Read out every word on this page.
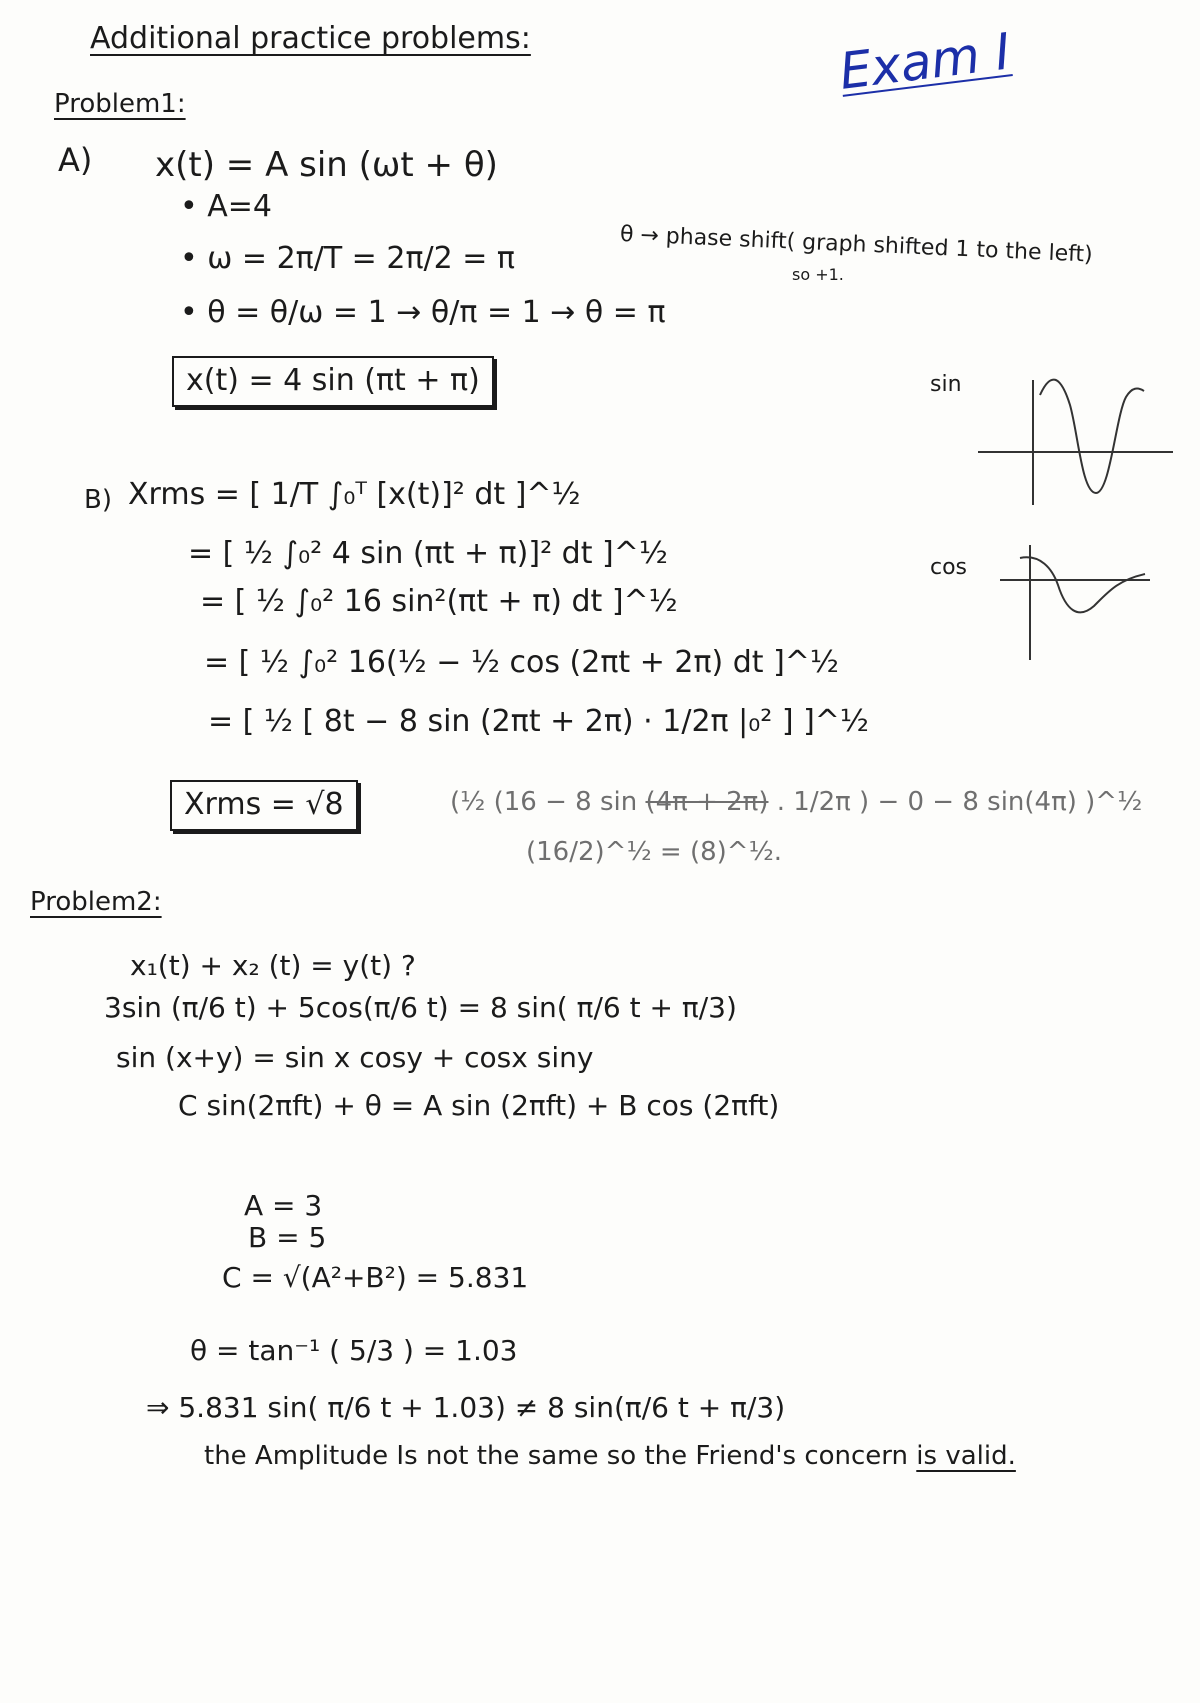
Additional practice problems:	Exam I
Problem1:
A) x(t) = A sin (ωt + θ)
• A=4
• ω = 2π/T = 2π/2 = π
• θ = θ/ω = 1 → θ/π = 1 → θ = π
x(t) = 4 sin (πt + π)
θ → phase shift( graph shifted 1 to the left)
so +1.
sin
cos
B) Xrms = [ 1/T ∫₀ᵀ [x(t)]² dt ]^½
= [ ½ ∫₀² 4 sin (πt + π)]² dt ]^½
= [ ½ ∫₀² 16 sin²(πt + π) dt ]^½
= [ ½ ∫₀² 16(½ − ½ cos (2πt + 2π) dt ]^½
= [ ½ [ 8t − 8 sin (2πt + 2π) · 1/2π |₀² ] ]^½
Xrms = √8	(½ (16 − 8 sin (4π + 2π) . 1/2π ) − 0 − 8 sin(4π) )^½
(16/2)^½ = (8)^½.
Problem2:
x₁(t) + x₂ (t) = y(t) ?
3sin (π/6 t) + 5cos(π/6 t) = 8 sin( π/6 t + π/3)
sin (x+y) = sin x cosy + cosx siny
C sin(2πft) + θ = A sin (2πft) + B cos (2πft)
A = 3
B = 5
C = √(A²+B²) = 5.831
θ = tan⁻¹ ( 5/3 ) = 1.03
⇒ 5.831 sin( π/6 t + 1.03) ≠ 8 sin(π/6 t + π/3)
the Amplitude Is not the same so the Friend's concern is valid.
